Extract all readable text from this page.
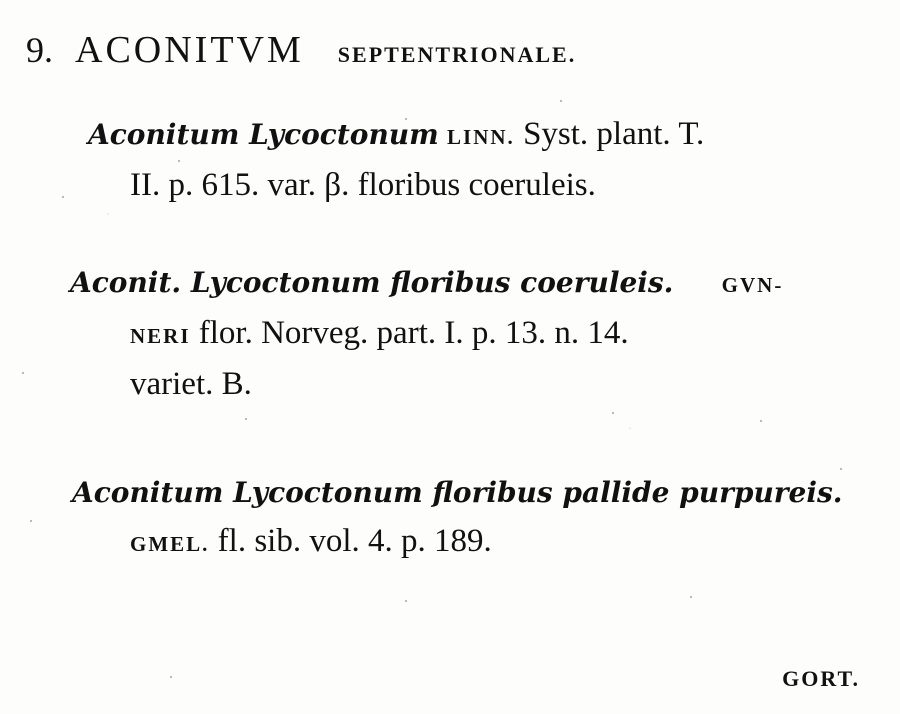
9. ACONITVM SEPTENTRIONALE.
Aconitum Lycoctonum LINN. Syst. plant. T.
II. p. 615. var. β. floribus coeruleis.
Aconit. Lycoctonum floribus coeruleis. GVN-
NERI flor. Norveg. part. I. p. 13. n. 14.
variet. B.
Aconitum Lycoctonum floribus pallide purpureis.
GMEL. fl. sib. vol. 4. p. 189.
GORT.
